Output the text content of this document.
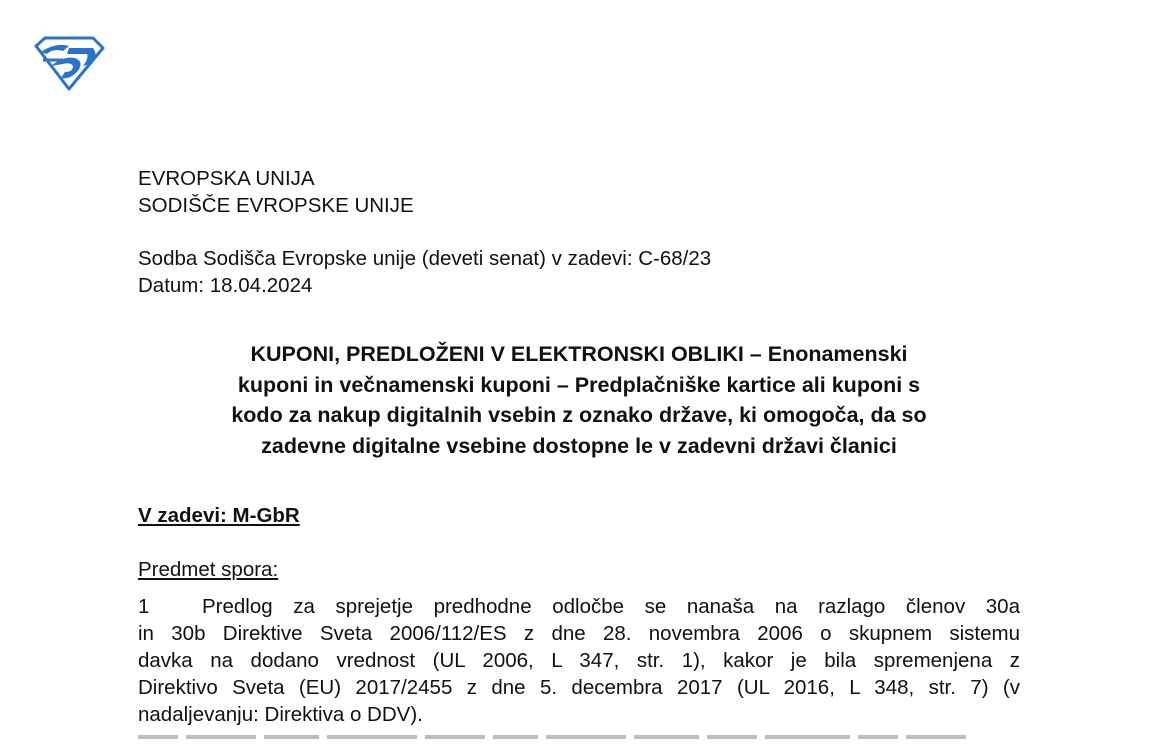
EVROPSKA UNIJA
SODIŠČE EVROPSKE UNIJE
Sodba Sodišča Evropske unije (deveti senat) v zadevi: C-68/23
Datum: 18.04.2024
KUPONI, PREDLOŽENI V ELEKTRONSKI OBLIKI – Enonamenski
kuponi in večnamenski kuponi – Predplačniške kartice ali kuponi s
kodo za nakup digitalnih vsebin z oznako države, ki omogoča, da so
zadevne digitalne vsebine dostopne le v zadevni državi članici
V zadevi: M-GbR
Predmet spora:
1	Predlog za sprejetje predhodne odločbe se nanaša na razlago členov 30a
in 30b Direktive Sveta 2006/112/ES z dne 28. novembra 2006 o skupnem sistemu
davka na dodano vrednost (UL 2006, L 347, str. 1), kakor je bila spremenjena z
Direktivo Sveta (EU) 2017/2455 z dne 5. decembra 2017 (UL 2016, L 348, str. 7) (v
nadaljevanju: Direktiva o DDV).
